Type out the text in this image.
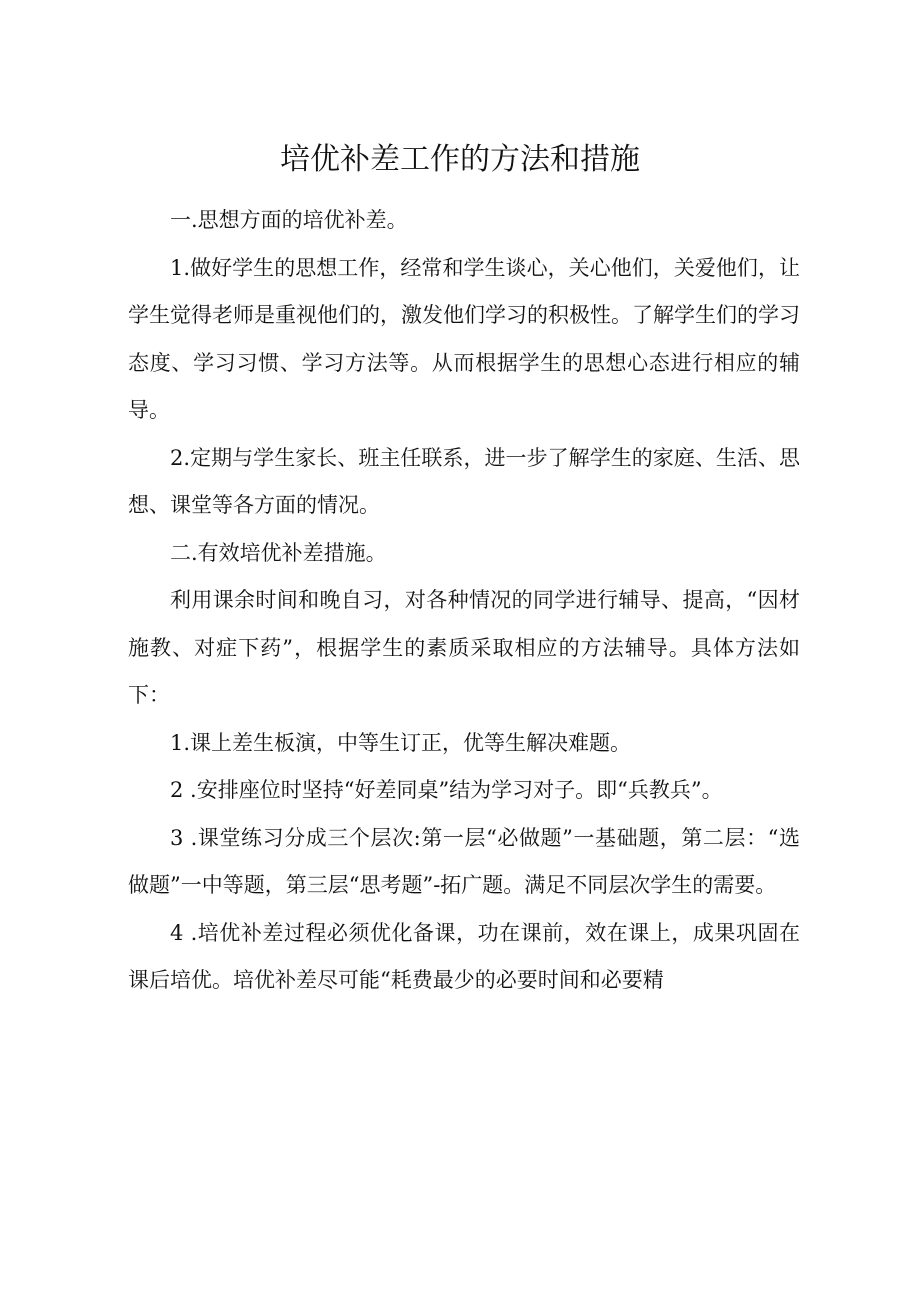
培优补差工作的方法和措施

一.思想方面的培优补差。

1.做好学生的思想工作，经常和学生谈心，关心他们，关爱他们，让学生觉得老师是重视他们的，激发他们学习的积极性。了解学生们的学习态度、学习习惯、学习方法等。从而根据学生的思想心态进行相应的辅导。

2.定期与学生家长、班主任联系，进一步了解学生的家庭、生活、思想、课堂等各方面的情况。

二.有效培优补差措施。

利用课余时间和晚自习，对各种情况的同学进行辅导、提高，“因材施教、对症下药”，根据学生的素质采取相应的方法辅导。具体方法如下：

1.课上差生板演，中等生订正，优等生解决难题。

2 .安排座位时坚持“好差同桌”结为学习对子。即“兵教兵”。

3 .课堂练习分成三个层次:第一层“必做题”一基础题，第二层：“选做题”一中等题，第三层“思考题”-拓广题。满足不同层次学生的需要。

4 .培优补差过程必须优化备课，功在课前，效在课上，成果巩固在课后培优。培优补差尽可能“耗费最少的必要时间和必要精
